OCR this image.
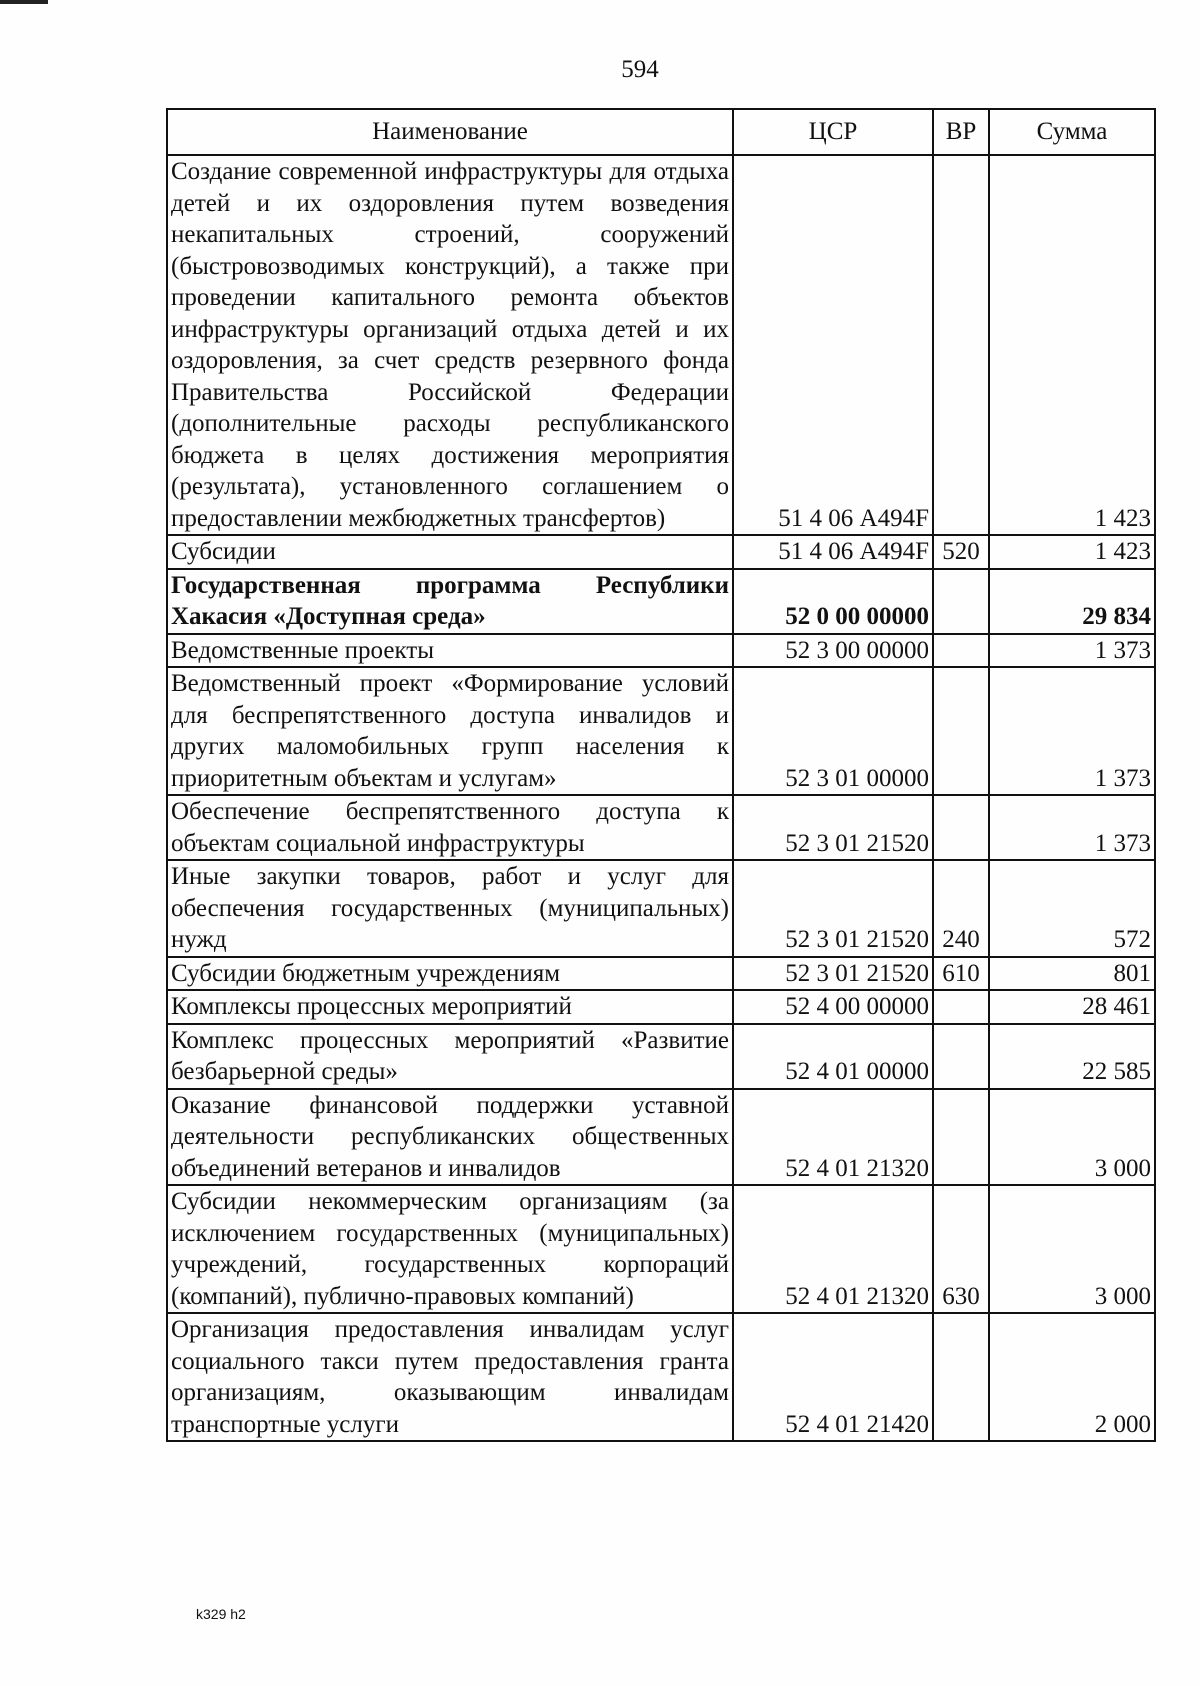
594
Наименование	ЦСР	ВР	Сумма
Создание современной инфраструктуры для отдыха детей и их оздоровления путем возведения некапитальных строений, сооружений (быстровозводимых конструкций), а также при проведении капитального ремонта объектов инфраструктуры организаций отдыха детей и их оздоровления, за счет средств резервного фонда Правительства Российской Федерации (дополнительные расходы республиканского бюджета в целях достижения мероприятия (результата), установленного соглашением о предоставлении межбюджетных трансфертов)	51 4 06 А494F		1 423
Субсидии	51 4 06 А494F	520	1 423
Государственная программа Республики Хакасия «Доступная среда»	52 0 00 00000		29 834
Ведомственные проекты	52 3 00 00000		1 373
Ведомственный проект «Формирование условий для беспрепятственного доступа инвалидов и других маломобильных групп населения к приоритетным объектам и услугам»	52 3 01 00000		1 373
Обеспечение беспрепятственного доступа к объектам социальной инфраструктуры	52 3 01 21520		1 373
Иные закупки товаров, работ и услуг для обеспечения государственных (муниципальных) нужд	52 3 01 21520	240	572
Субсидии бюджетным учреждениям	52 3 01 21520	610	801
Комплексы процессных мероприятий	52 4 00 00000		28 461
Комплекс процессных мероприятий «Развитие безбарьерной среды»	52 4 01 00000		22 585
Оказание финансовой поддержки уставной деятельности республиканских общественных объединений ветеранов и инвалидов	52 4 01 21320		3 000
Субсидии некоммерческим организациям (за исключением государственных (муниципальных) учреждений, государственных корпораций (компаний), публично-правовых компаний)	52 4 01 21320	630	3 000
Организация предоставления инвалидам услуг социального такси путем предоставления гранта организациям, оказывающим инвалидам транспортные услуги	52 4 01 21420		2 000
k329 h2
